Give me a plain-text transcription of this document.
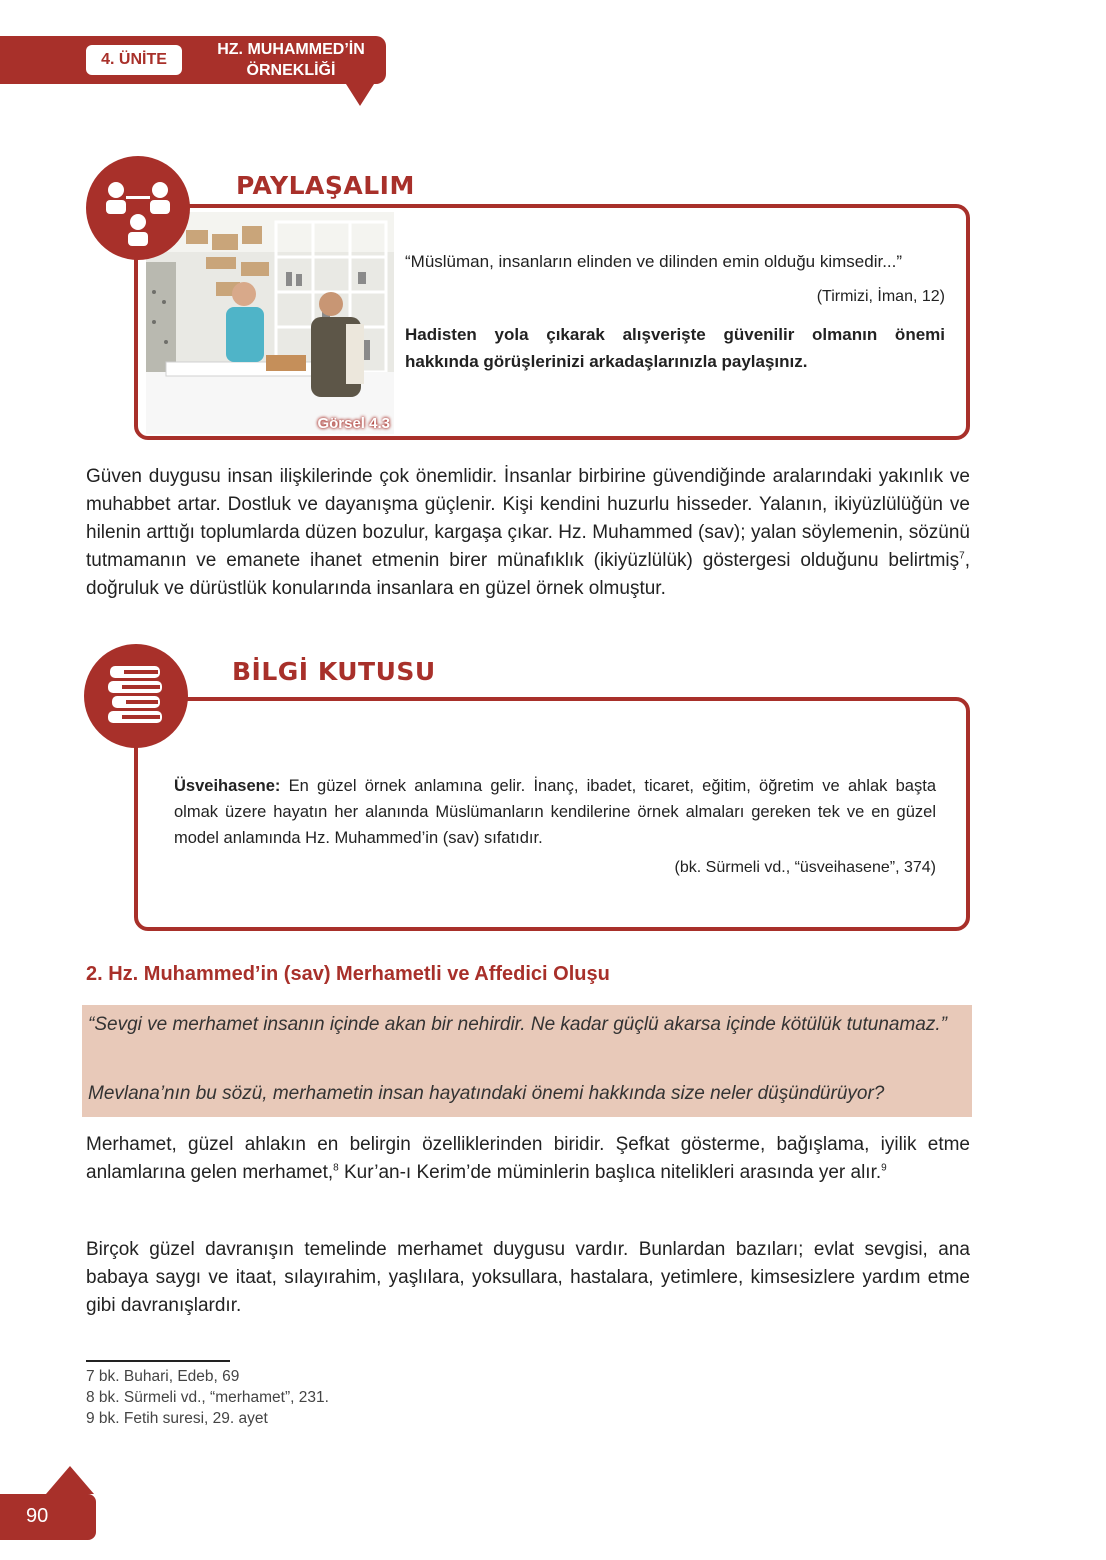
4. ÜNİTE
HZ. MUHAMMED’İN
ÖRNEKLİĞİ
Görsel 4.3
PAYLAŞALIM
“Müslüman, insanların elinden ve dilinden emin olduğu kimsedir...”
(Tirmizi, İman, 12)
Hadisten yola çıkarak alışverişte güvenilir olmanın önemi hakkında görüşlerinizi arkadaşlarınızla paylaşınız.
Güven duygusu insan ilişkilerinde çok önemlidir. İnsanlar birbirine güvendiğinde aralarındaki yakınlık ve muhabbet artar. Dostluk ve dayanışma güçlenir. Kişi kendini huzurlu hisseder. Yalanın, ikiyüzlülüğün ve hilenin arttığı toplumlarda düzen bozulur, kargaşa çıkar. Hz. Muhammed (sav); yalan söylemenin, sözünü tutmamanın ve emanete ihanet etmenin birer münafıklık (ikiyüzlülük) göstergesi olduğunu belirtmiş$^7$, doğruluk ve dürüstlük konularında insanlara en güzel örnek olmuştur.
BİLGİ KUTUSU
Üsveihasene: En güzel örnek anlamına gelir. İnanç, ibadet, ticaret, eğitim, öğretim ve ahlak başta olmak üzere hayatın her alanında Müslümanların kendilerine örnek almaları gereken tek ve en güzel model anlamında Hz. Muhammed’in (sav) sıfatıdır.
(bk. Sürmeli vd., “üsveihasene”, 374)
2. Hz. Muhammed’in (sav) Merhametli ve Affedici Oluşu
“Sevgi ve merhamet insanın içinde akan bir nehirdir. Ne kadar güçlü akarsa içinde kötülük tutunamaz.”
Mevlana’nın bu sözü, merhametin insan hayatındaki önemi hakkında size neler düşündürüyor?
Merhamet, güzel ahlakın en belirgin özelliklerinden biridir. Şefkat gösterme, bağışlama, iyilik etme anlamlarına gelen merhamet,$^8$ Kur’an-ı Kerim’de müminlerin başlıca nitelikleri arasında yer alır.$^9$
Birçok güzel davranışın temelinde merhamet duygusu vardır. Bunlardan bazıları; evlat sevgisi, ana babaya saygı ve itaat, sılayırahim, yaşlılara, yoksullara, hastalara, yetimlere, kimsesizlere yardım etme gibi davranışlardır.
7 bk. Buhari, Edeb, 69
8 bk. Sürmeli vd., “merhamet”, 231.
9 bk. Fetih suresi, 29. ayet
90
